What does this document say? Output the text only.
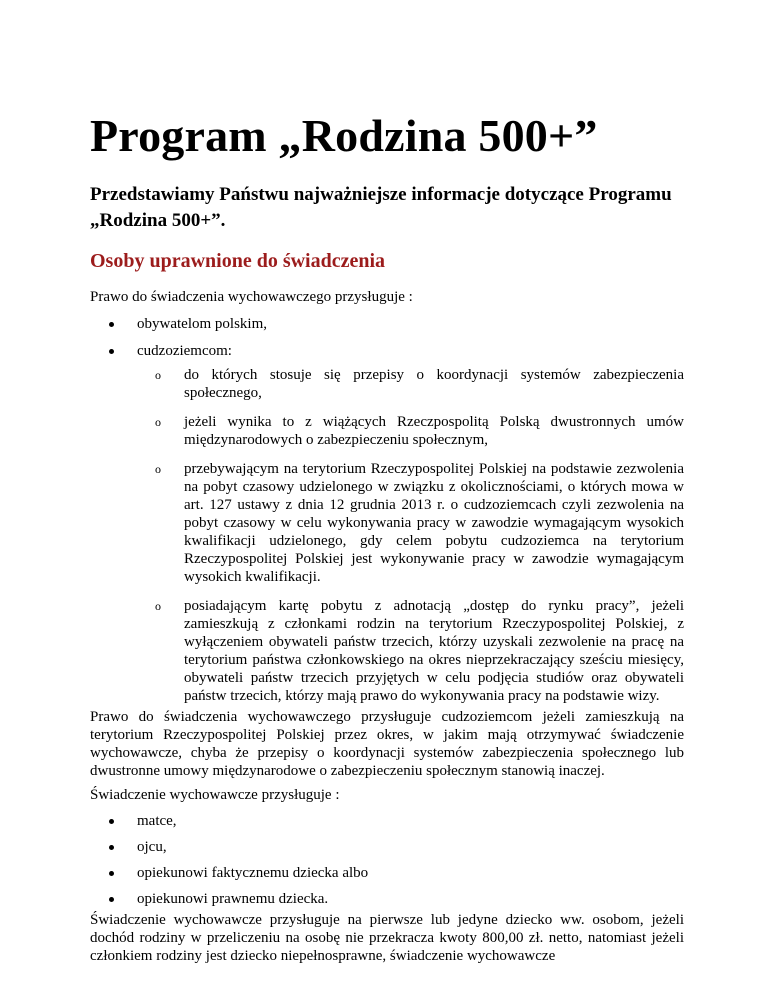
Program „Rodzina 500+”
Przedstawiamy Państwu najważniejsze informacje dotyczące Programu „Rodzina 500+”.
Osoby uprawnione do świadczenia

Prawo do świadczenia wychowawczego przysługuje :

obywatelom polskim,
cudzoziemcom:
o do których stosuje się przepisy o koordynacji systemów zabezpieczenia społecznego,
o jeżeli wynika to z wiążących Rzeczpospolitą Polską dwustronnych umów międzynarodowych o zabezpieczeniu społecznym,
o przebywającym na terytorium Rzeczypospolitej Polskiej na podstawie zezwolenia na pobyt czasowy udzielonego w związku z okolicznościami, o których mowa w art. 127 ustawy z dnia 12 grudnia 2013 r. o cudzoziemcach czyli zezwolenia na pobyt czasowy w celu wykonywania pracy w zawodzie wymagającym wysokich kwalifikacji udzielonego, gdy celem pobytu cudzoziemca na terytorium Rzeczypospolitej Polskiej jest wykonywanie pracy w zawodzie wymagającym wysokich kwalifikacji.
o posiadającym kartę pobytu z adnotacją „dostęp do rynku pracy”, jeżeli zamieszkują z członkami rodzin na terytorium Rzeczypospolitej Polskiej, z wyłączeniem obywateli państw trzecich, którzy uzyskali zezwolenie na pracę na terytorium państwa członkowskiego na okres nieprzekraczający sześciu miesięcy, obywateli państw trzecich przyjętych w celu podjęcia studiów oraz obywateli państw trzecich, którzy mają prawo do wykonywania pracy na podstawie wizy.

Prawo do świadczenia wychowawczego przysługuje cudzoziemcom jeżeli zamieszkują na terytorium Rzeczypospolitej Polskiej przez okres, w jakim mają otrzymywać świadczenie wychowawcze, chyba że przepisy o koordynacji systemów zabezpieczenia społecznego lub dwustronne umowy międzynarodowe o zabezpieczeniu społecznym stanowią inaczej.

Świadczenie wychowawcze przysługuje :

matce,
ojcu,
opiekunowi faktycznemu dziecka albo
opiekunowi prawnemu dziecka.

Świadczenie wychowawcze przysługuje na pierwsze lub jedyne dziecko ww. osobom, jeżeli dochód rodziny w przeliczeniu na osobę nie przekracza kwoty 800,00 zł. netto, natomiast jeżeli członkiem rodziny jest dziecko niepełnosprawne, świadczenie wychowawcze
